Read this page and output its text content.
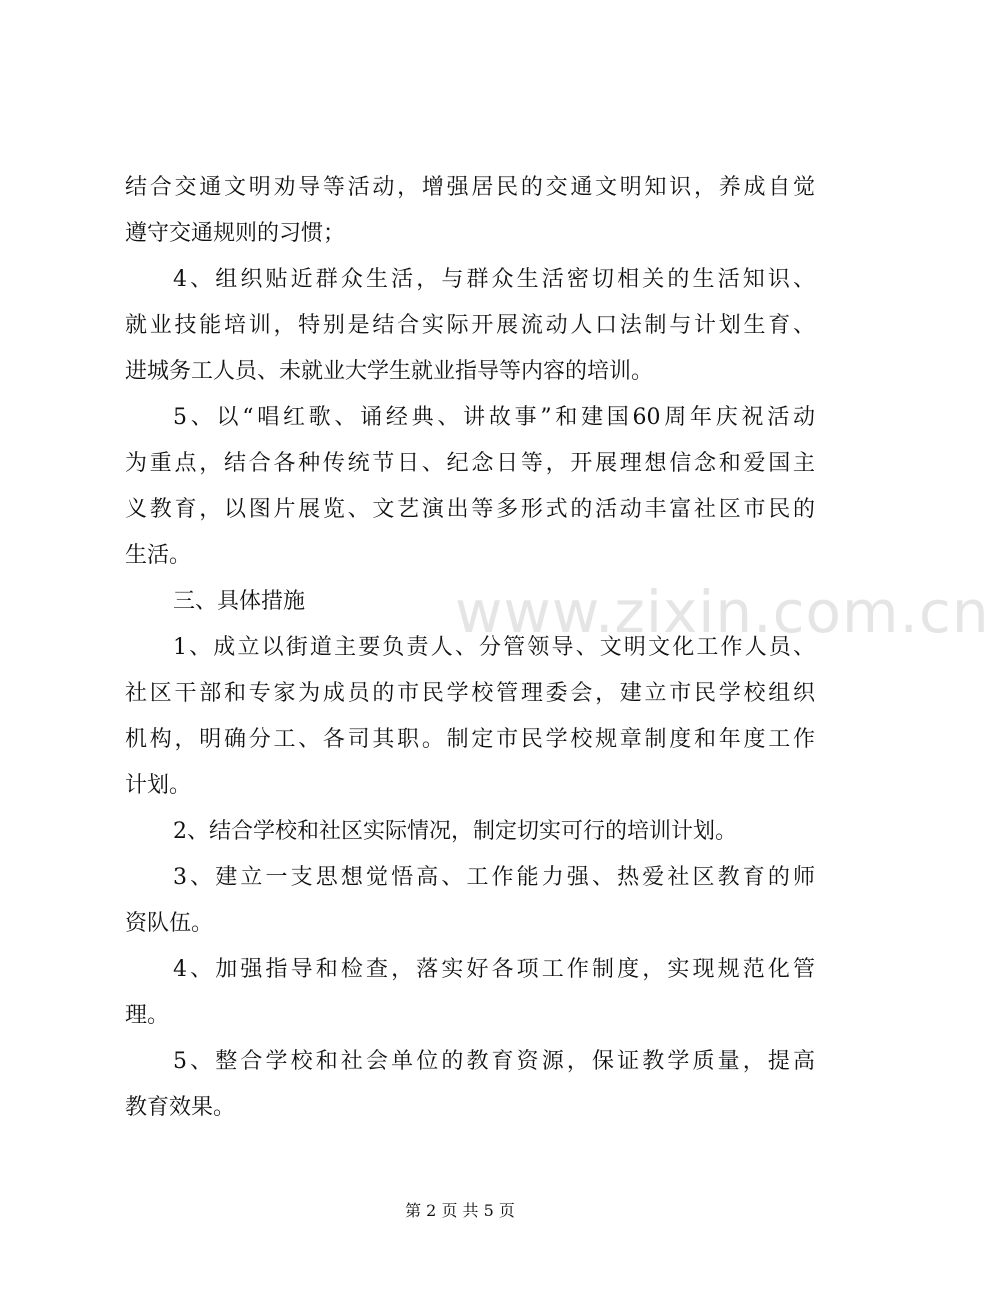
结合交通文明劝导等活动，增强居民的交通文明知识，养成自觉
遵守交通规则的习惯；
4、组织贴近群众生活，与群众生活密切相关的生活知识、
就业技能培训，特别是结合实际开展流动人口法制与计划生育、
进城务工人员、未就业大学生就业指导等内容的培训。
5、以“唱红歌、诵经典、讲故事”和建国60周年庆祝活动
为重点，结合各种传统节日、纪念日等，开展理想信念和爱国主
义教育，以图片展览、文艺演出等多形式的活动丰富社区市民的
生活。
三、具体措施
1、成立以街道主要负责人、分管领导、文明文化工作人员、
社区干部和专家为成员的市民学校管理委会，建立市民学校组织
机构，明确分工、各司其职。制定市民学校规章制度和年度工作
计划。
2、结合学校和社区实际情况，制定切实可行的培训计划。
3、建立一支思想觉悟高、工作能力强、热爱社区教育的师
资队伍。
4、加强指导和检查，落实好各项工作制度，实现规范化管
理。
5、整合学校和社会单位的教育资源，保证教学质量，提高
教育效果。
www.zixin.com.cn
第 2 页 共 5 页
